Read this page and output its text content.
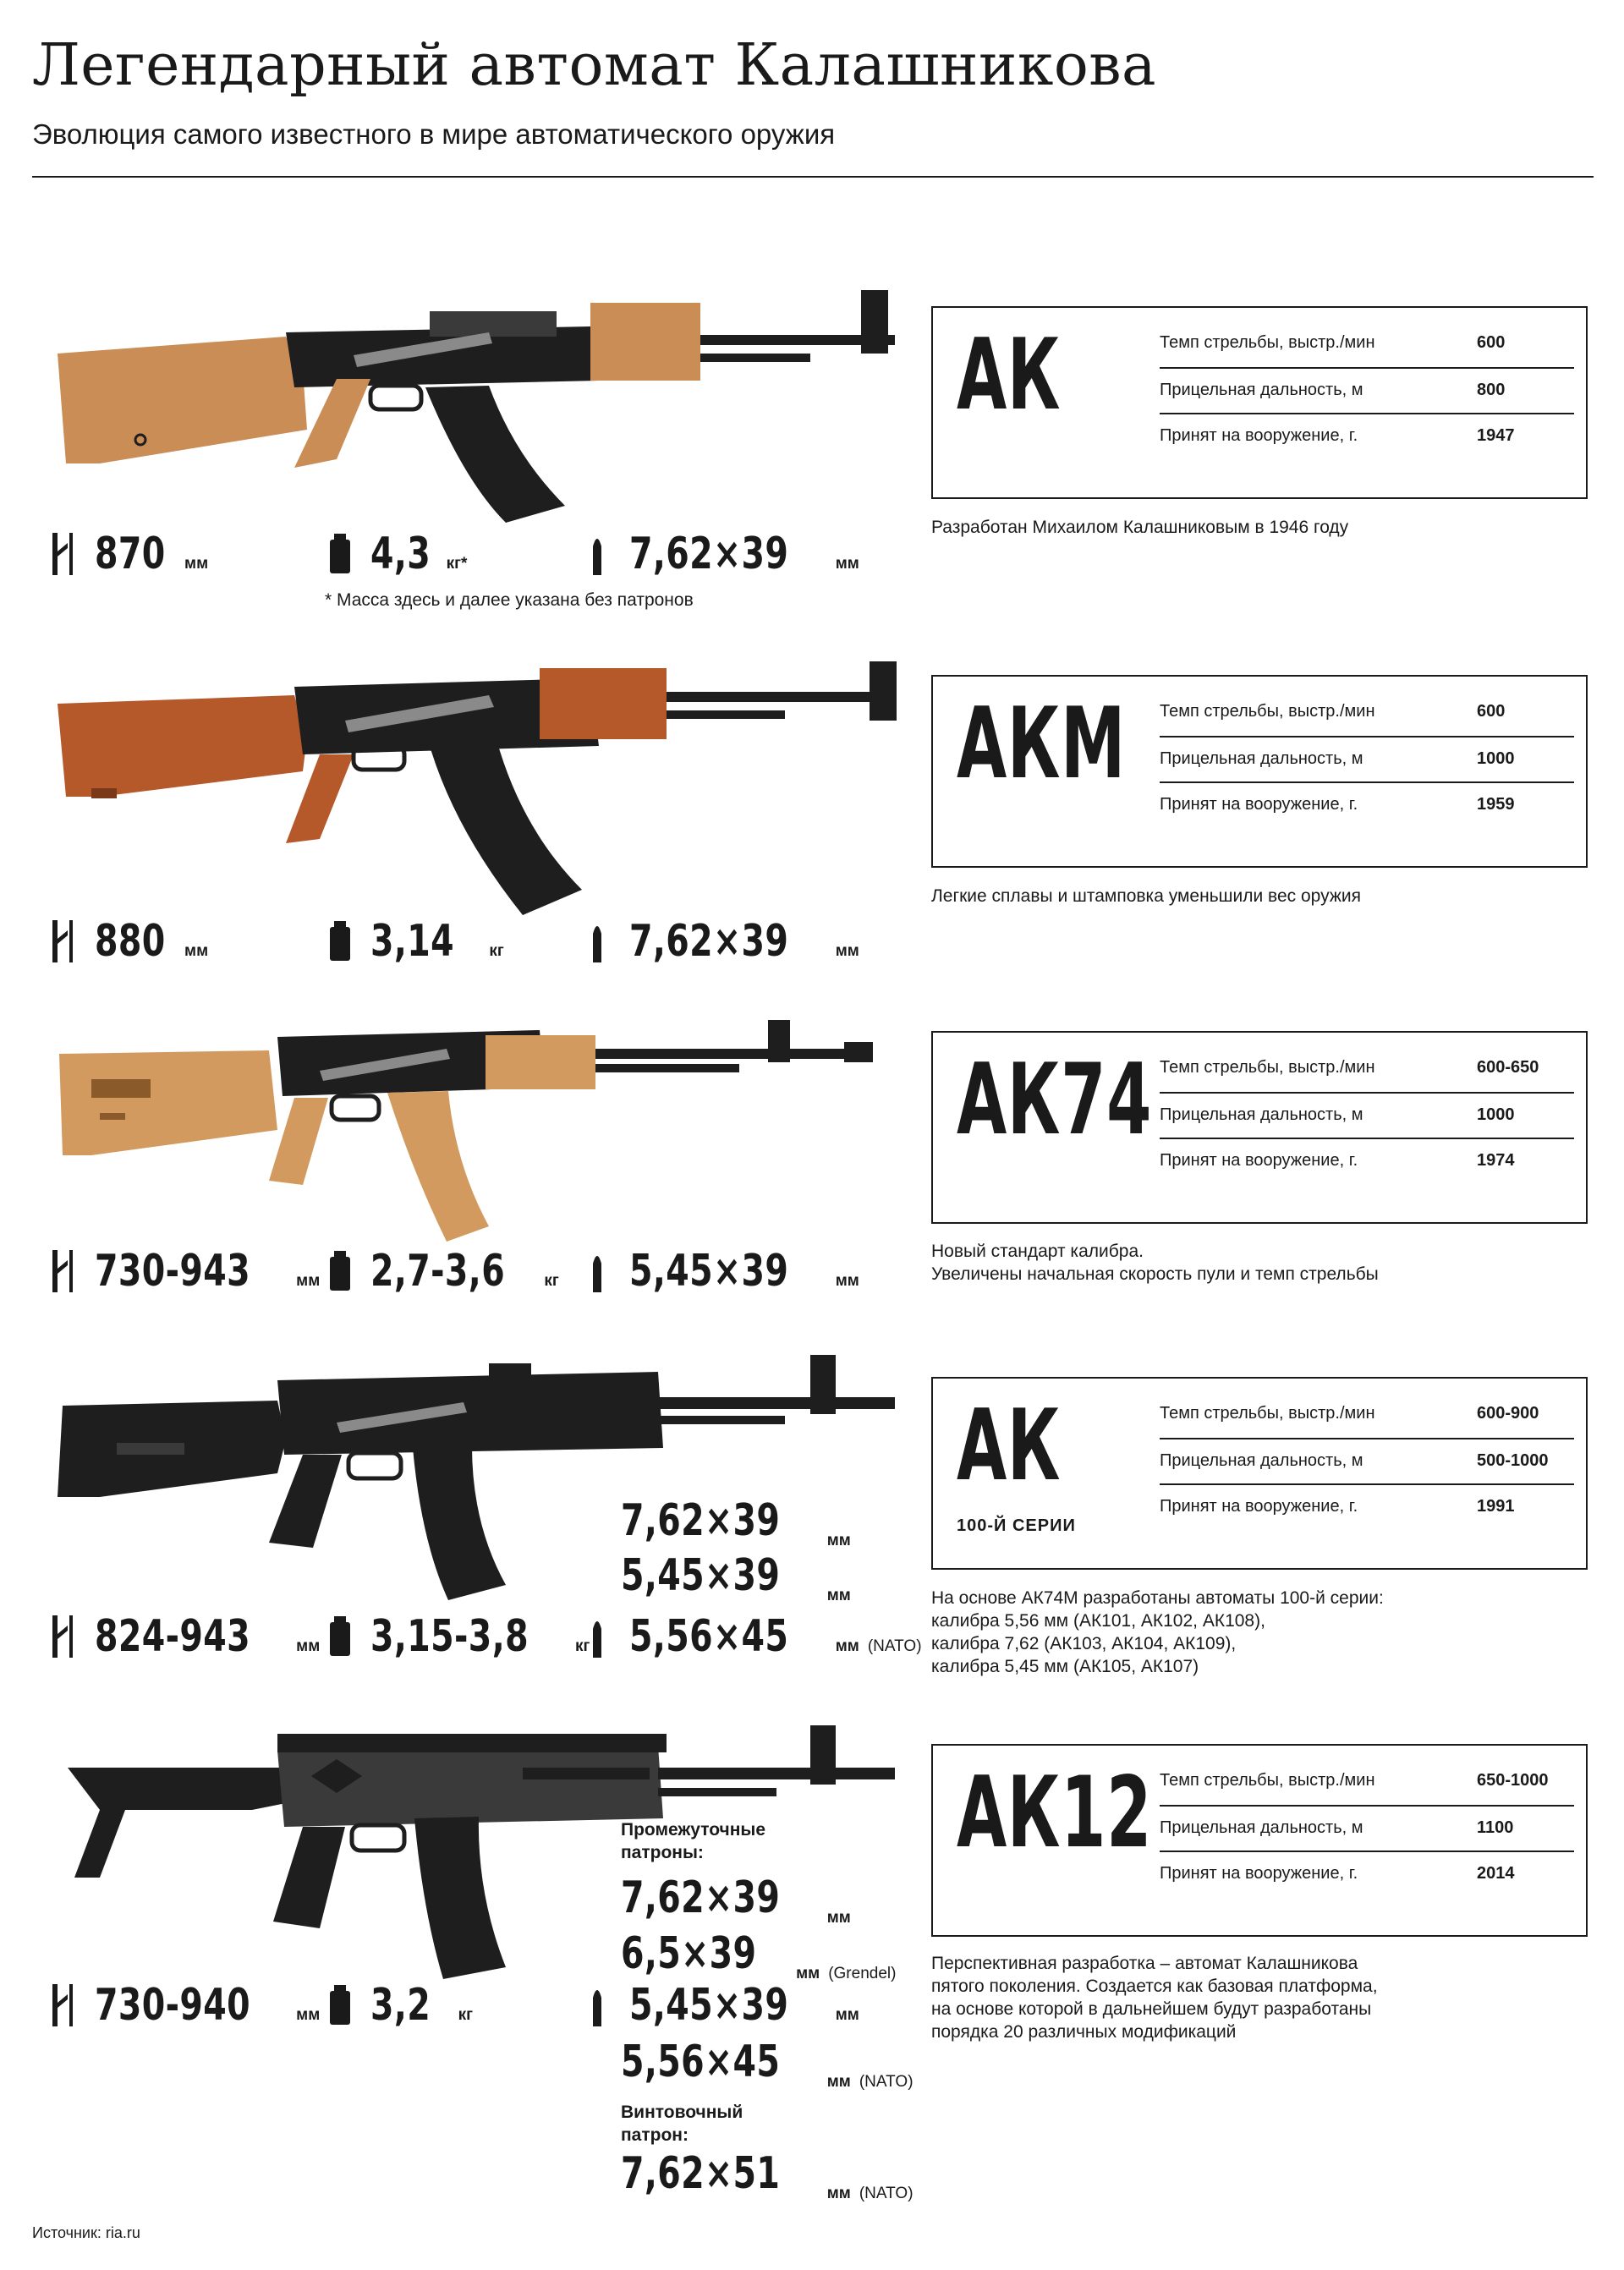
Легендарный автомат Калашникова
Эволюция самого известного в мире автоматического оружия
870 мм	4,3 кг*	7,62×39	мм
* Масса здесь и далее указана без патронов
АК	Темп стрельбы, выстр./мин	600
Прицельная дальность, м	800
Принят на вооружение, г.	1947
Разработан Михаилом Калашниковым в 1946 году
880 мм	3,14 кг	7,62×39	мм
АКМ Темп стрельбы, выстр./мин	600
Прицельная дальность, м	1000
Принят на вооружение, г.	1959
Легкие сплавы и штамповка уменьшили вес оружия
730-943	мм 2,7-3,6 кг 5,45×39	мм
АК74 Темп стрельбы, выстр./мин	600-650
Прицельная дальность, м	1000
Принят на вооружение, г.	1974
Новый стандарт калибра.
Увеличены начальная скорость пули и темп стрельбы
824-943	мм 3,15-3,8	кг
7,62×39	мм
5,45×39	мм
5,56×45	мм (NATO)
АК
100-Й СЕРИИ
Темп стрельбы, выстр./мин	600-900
Прицельная дальность, м	500-1000
Принят на вооружение, г.	1991
На основе АК74М разработаны автоматы 100-й серии:
калибра 5,56 мм (АК101, АК102, АК108),
калибра 7,62 (АК103, АК104, АК109),
калибра 5,45 мм (АК105, АК107)
730-940	мм 3,2 кг
Промежуточные
патроны:
7,62×39	мм
6,5×39 мм (Grendel)
5,45×39	мм
5,56×45	мм (NATO)
Винтовочный
патрон:
7,62×51	мм (NATO)
АК12 Темп стрельбы, выстр./мин	650-1000
Прицельная дальность, м	1100
Принят на вооружение, г.	2014
Перспективная разработка – автомат Калашникова
пятого поколения. Создается как базовая платформа,
на основе которой в дальнейшем будут разработаны
порядка 20 различных модификаций
Источник: ria.ru
